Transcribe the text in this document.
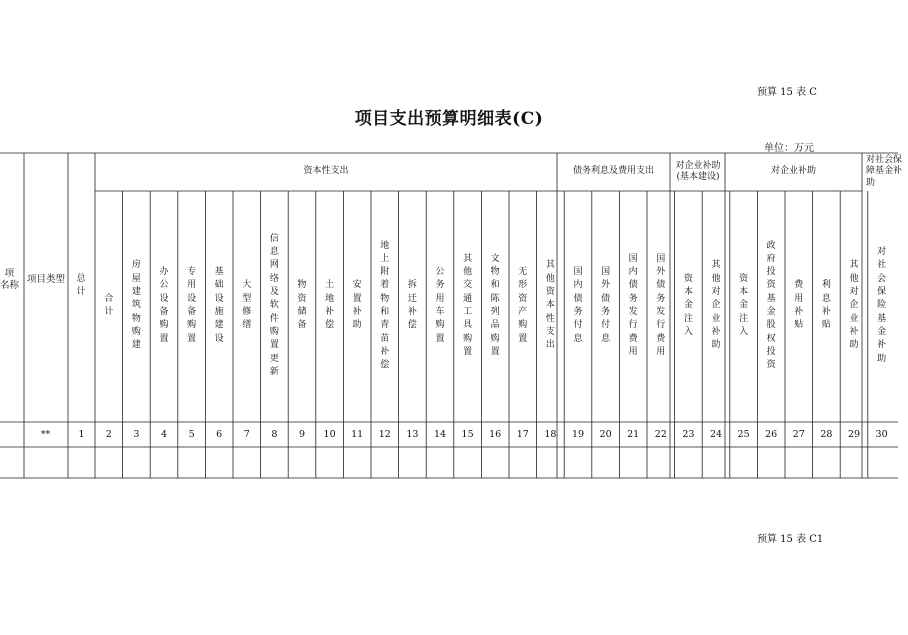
预算 15 表 C
项目支出预算明细表(C)
单位：万元
预算 15 表 C1
项
名称
项目类型 总计
资本性支出	债务利息及费用支出
对企业补助(基本建设)
对企业补助
对社会保障基金补助
**	1
合计
2
房屋建筑物购建
3
办公设备购置
4
专用设备购置
5
基础设施建设
6
大型修缮
7
信息网络及软件购置更新
8
物资储备
9
土地补偿
10
安置补助
11
地上附着物和青苗补偿
12
拆迁补偿
13
公务用车购置
14
其他交通工具购置
15
文物和陈列品购置
16
无形资产购置
17
其他资本性支出
18
国内债务付息
19
国外债务付息
20
国内债务发行费用
21
国外债务发行费用
22
资本金注入
23
其他对企业补助
24
资本金注入
25
政府投资基金股权投资
26
费用补贴
27
利息补贴
28
其他对企业补助
29
对社会保险基金补助
30
